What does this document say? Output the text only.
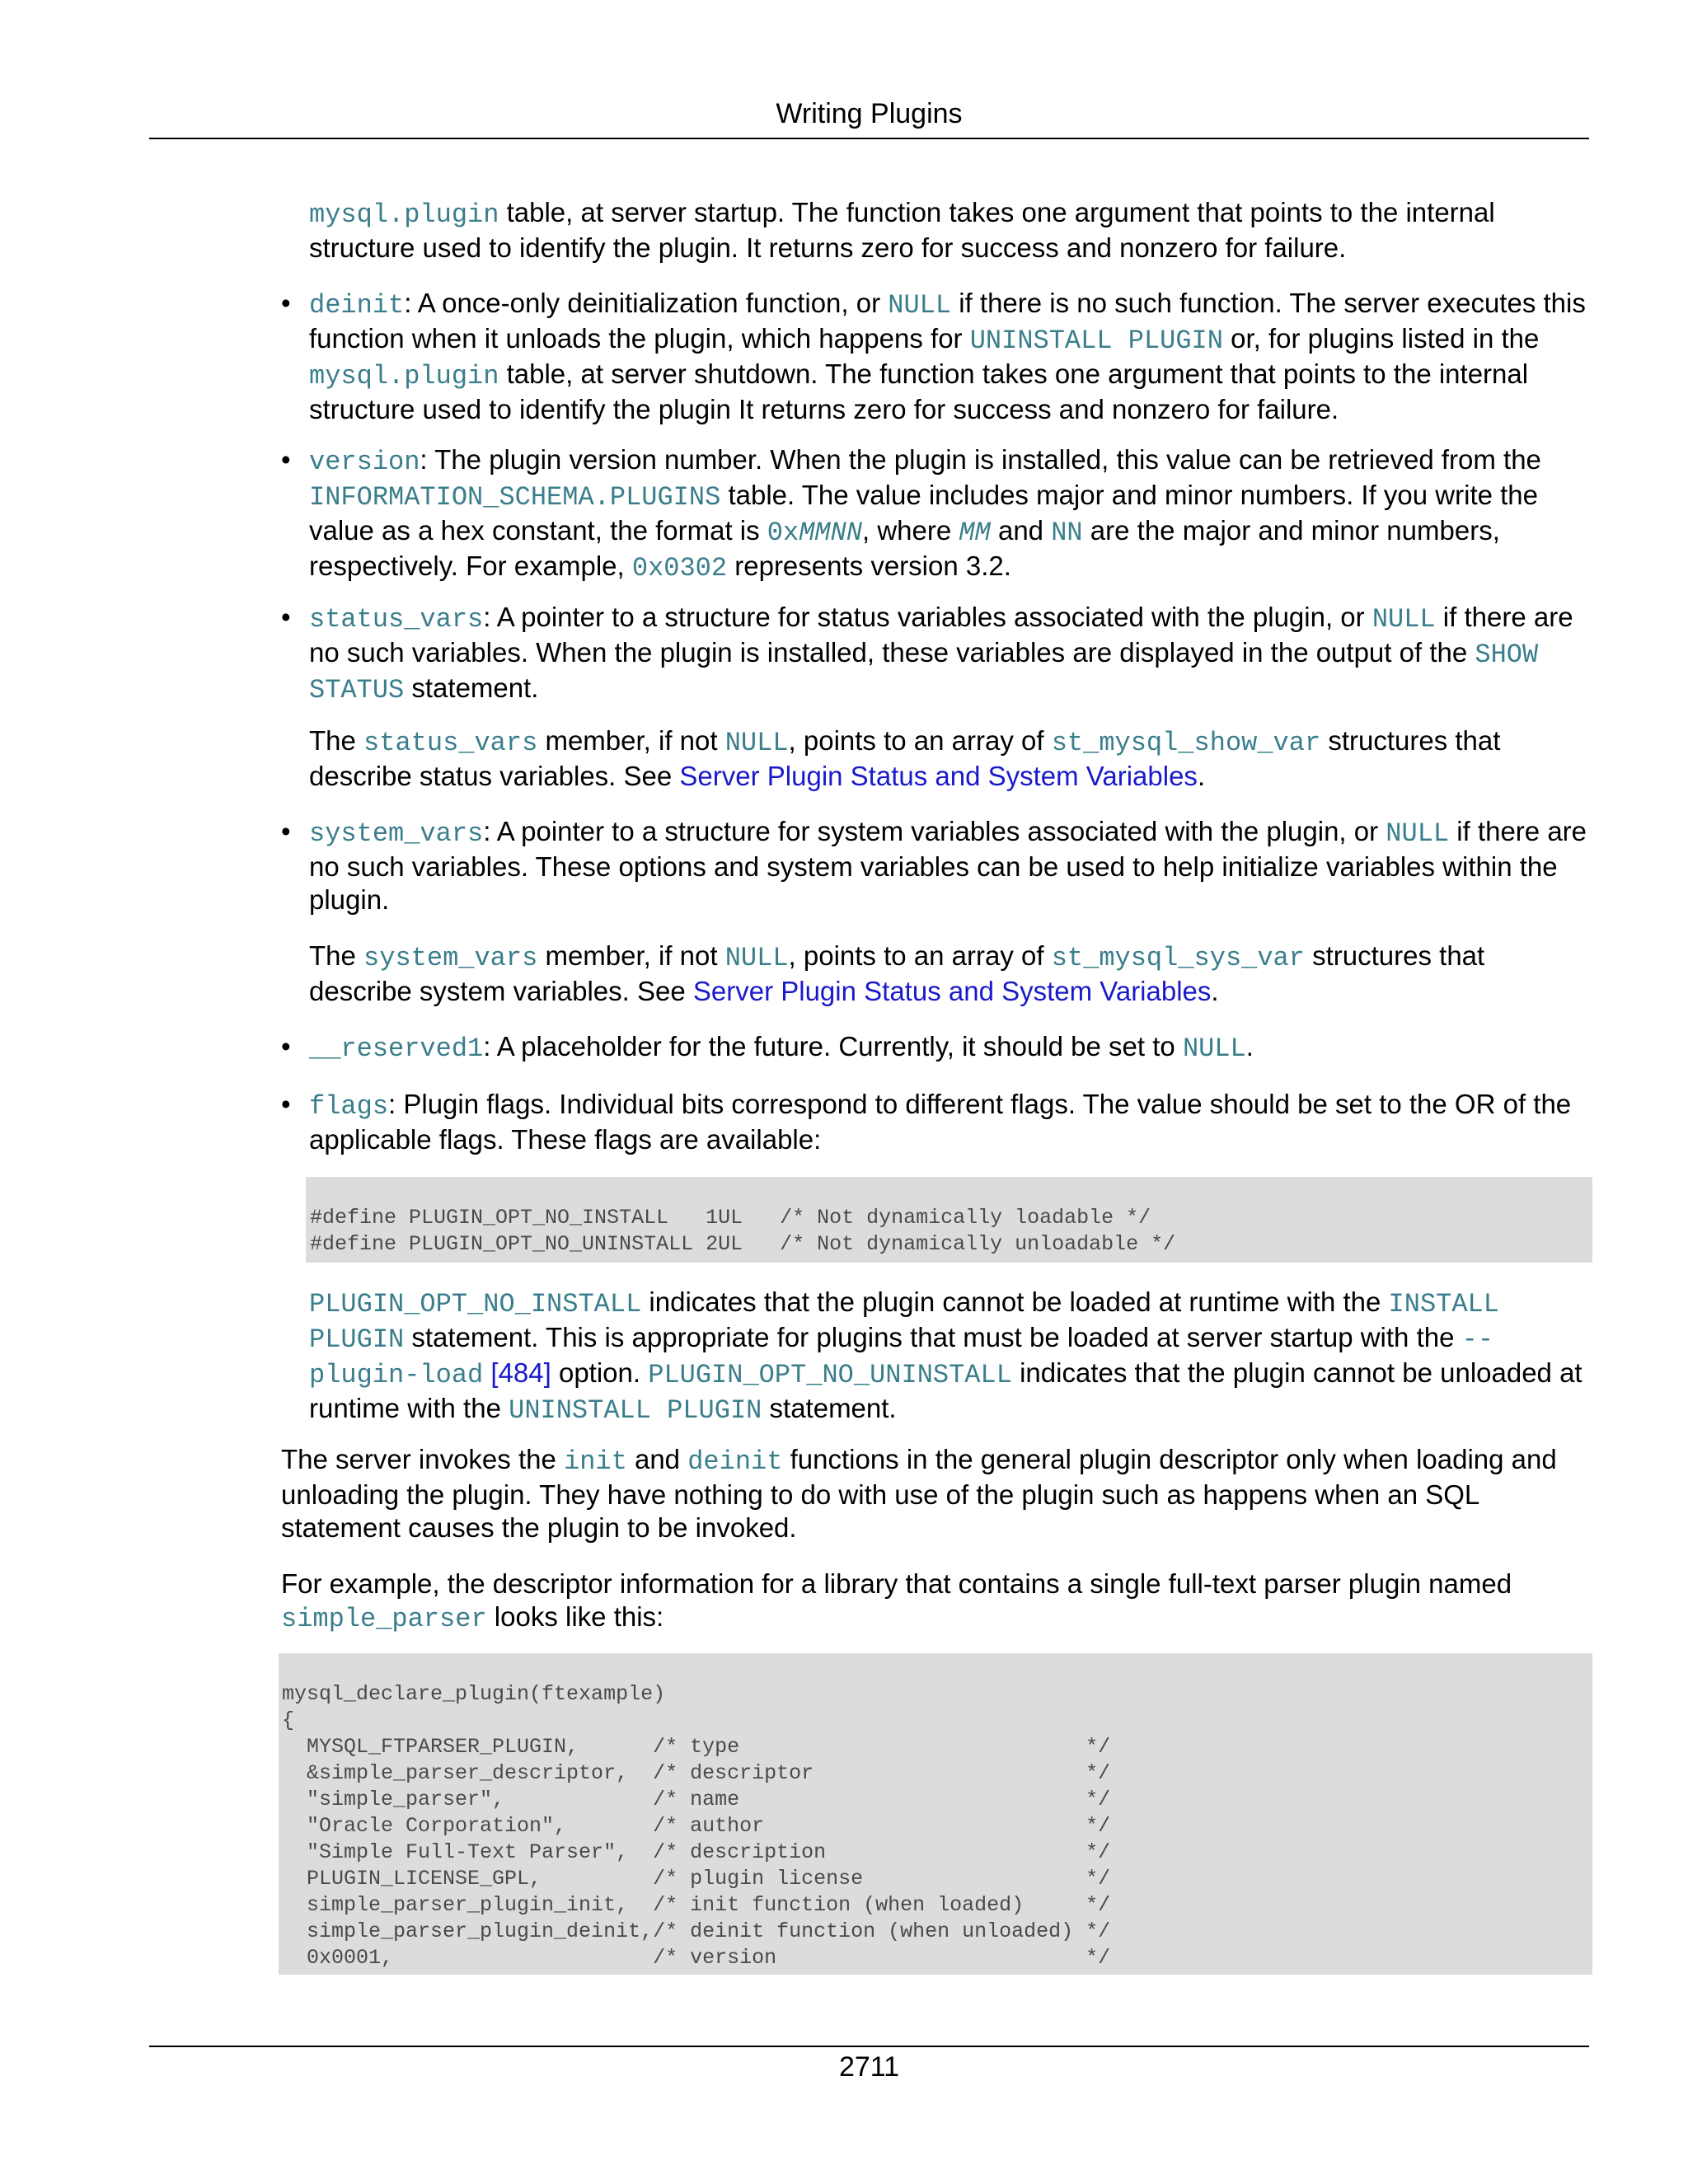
Writing Plugins

mysql.plugin table, at server startup. The function takes one argument that points to the internal structure used to identify the plugin. It returns zero for success and nonzero for failure.

• deinit: A once-only deinitialization function, or NULL if there is no such function. The server executes this function when it unloads the plugin, which happens for UNINSTALL PLUGIN or, for plugins listed in the mysql.plugin table, at server shutdown. The function takes one argument that points to the internal structure used to identify the plugin It returns zero for success and nonzero for failure.

• version: The plugin version number. When the plugin is installed, this value can be retrieved from the INFORMATION_SCHEMA.PLUGINS table. The value includes major and minor numbers. If you write the value as a hex constant, the format is 0xMMNN, where MM and NN are the major and minor numbers, respectively. For example, 0x0302 represents version 3.2.

• status_vars: A pointer to a structure for status variables associated with the plugin, or NULL if there are no such variables. When the plugin is installed, these variables are displayed in the output of the SHOW STATUS statement.

The status_vars member, if not NULL, points to an array of st_mysql_show_var structures that describe status variables. See Server Plugin Status and System Variables.

• system_vars: A pointer to a structure for system variables associated with the plugin, or NULL if there are no such variables. These options and system variables can be used to help initialize variables within the plugin.

The system_vars member, if not NULL, points to an array of st_mysql_sys_var structures that describe system variables. See Server Plugin Status and System Variables.

• __reserved1: A placeholder for the future. Currently, it should be set to NULL.

• flags: Plugin flags. Individual bits correspond to different flags. The value should be set to the OR of the applicable flags. These flags are available:

#define PLUGIN_OPT_NO_INSTALL   1UL   /* Not dynamically loadable */
#define PLUGIN_OPT_NO_UNINSTALL 2UL   /* Not dynamically unloadable */

PLUGIN_OPT_NO_INSTALL indicates that the plugin cannot be loaded at runtime with the INSTALL PLUGIN statement. This is appropriate for plugins that must be loaded at server startup with the --plugin-load [484] option. PLUGIN_OPT_NO_UNINSTALL indicates that the plugin cannot be unloaded at runtime with the UNINSTALL PLUGIN statement.

The server invokes the init and deinit functions in the general plugin descriptor only when loading and unloading the plugin. They have nothing to do with use of the plugin such as happens when an SQL statement causes the plugin to be invoked.

For example, the descriptor information for a library that contains a single full-text parser plugin named simple_parser looks like this:

mysql_declare_plugin(ftexample)
{
MYSQL_FTPARSER_PLUGIN,      /* type                            */
&simple_parser_descriptor,  /* descriptor                      */
"simple_parser",            /* name                            */
"Oracle Corporation",       /* author                          */
"Simple Full-Text Parser",  /* description                     */
PLUGIN_LICENSE_GPL,         /* plugin license                  */
simple_parser_plugin_init,  /* init function (when loaded)     */
simple_parser_plugin_deinit,/* deinit function (when unloaded) */
0x0001,                     /* version                         */
2711
